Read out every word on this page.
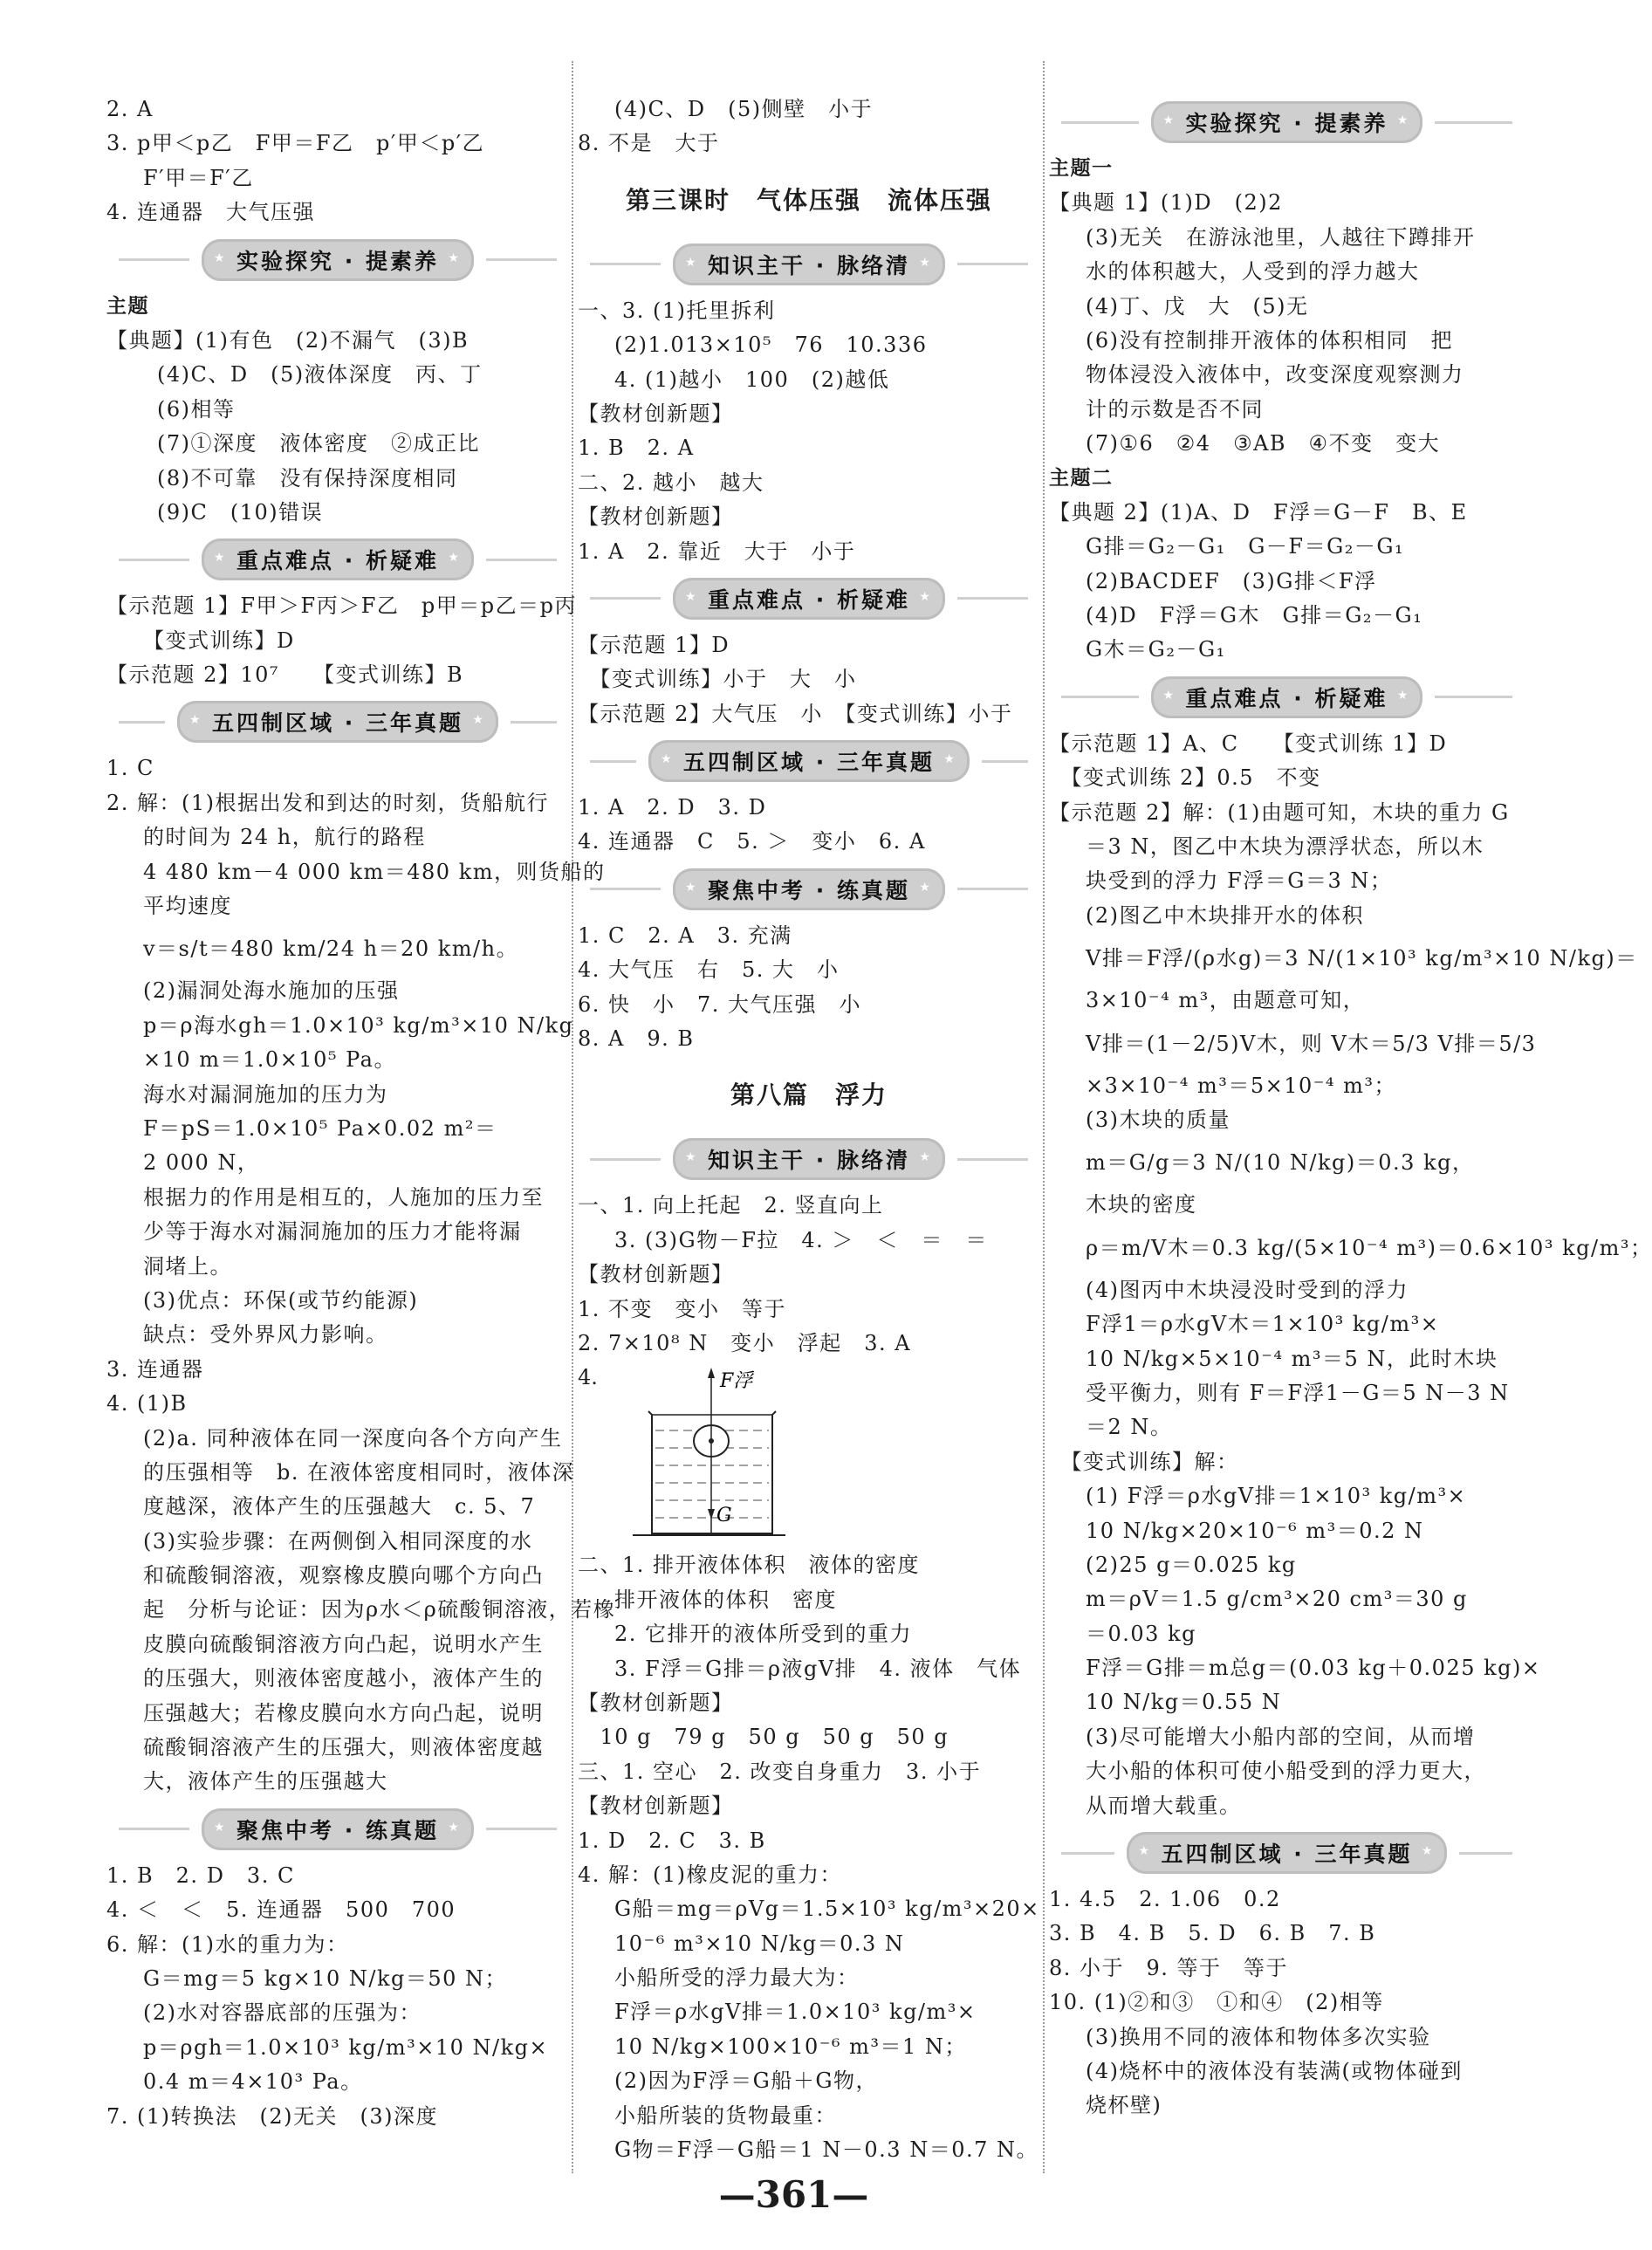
2. A
3. p甲＜p乙　F甲＝F乙　p′甲＜p′乙
F′甲＝F′乙
4. 连通器　大气压强
★ 实验探究 · 提素养 ★
主题
【典题】(1)有色　(2)不漏气　(3)B
(4)C、D　(5)液体深度　丙、丁
(6)相等
(7)①深度　液体密度　②成正比
(8)不可靠　没有保持深度相同
(9)C　(10)错误
★ 重点难点 · 析疑难 ★
【示范题 1】F甲＞F丙＞F乙　p甲＝p乙＝p丙
【变式训练】D
【示范题 2】10⁷　　【变式训练】B
★ 五四制区域 · 三年真题 ★
1. C
2. 解：(1)根据出发和到达的时刻，货船航行
的时间为 24 h，航行的路程
4 480 km－4 000 km＝480 km，则货船的
平均速度
v＝s/t＝480 km/24 h＝20 km/h。
(2)漏洞处海水施加的压强
p＝ρ海水gh＝1.0×10³ kg/m³×10 N/kg
×10 m＝1.0×10⁵ Pa。
海水对漏洞施加的压力为
F＝pS＝1.0×10⁵ Pa×0.02 m²＝
2 000 N，
根据力的作用是相互的，人施加的压力至
少等于海水对漏洞施加的压力才能将漏
洞堵上。
(3)优点：环保(或节约能源)
缺点：受外界风力影响。
3. 连通器
4. (1)B
(2)a. 同种液体在同一深度向各个方向产生
的压强相等　b. 在液体密度相同时，液体深
度越深，液体产生的压强越大　c. 5、7
(3)实验步骤：在两侧倒入相同深度的水
和硫酸铜溶液，观察橡皮膜向哪个方向凸
起　分析与论证：因为ρ水＜ρ硫酸铜溶液，若橡
皮膜向硫酸铜溶液方向凸起，说明水产生
的压强大，则液体密度越小，液体产生的
压强越大；若橡皮膜向水方向凸起，说明
硫酸铜溶液产生的压强大，则液体密度越
大，液体产生的压强越大
★ 聚焦中考 · 练真题 ★
1. B　2. D　3. C
4. ＜　＜　5. 连通器　500　700
6. 解：(1)水的重力为：
G＝mg＝5 kg×10 N/kg＝50 N；
(2)水对容器底部的压强为：
p＝ρgh＝1.0×10³ kg/m³×10 N/kg×
0.4 m＝4×10³ Pa。
7. (1)转换法　(2)无关　(3)深度
(4)C、D　(5)侧壁　小于
8. 不是　大于
第三课时　气体压强　流体压强
★ 知识主干 · 脉络清 ★
一、3. (1)托里拆利
(2)1.013×10⁵　76　10.336
4. (1)越小　100　(2)越低
【教材创新题】
1. B　2. A
二、2. 越小　越大
【教材创新题】
1. A　2. 靠近　大于　小于
★ 重点难点 · 析疑难 ★
【示范题 1】D
　【变式训练】小于　大　小
【示范题 2】大气压　小　【变式训练】小于
★ 五四制区域 · 三年真题 ★
1. A　2. D　3. D
4. 连通器　C　5. ＞　变小　6. A
★ 聚焦中考 · 练真题 ★
1. C　2. A　3. 充满
4. 大气压　右　5. 大　小
6. 快　小　7. 大气压强　小
8. A　9. B
第八篇　浮力
★ 知识主干 · 脉络清 ★
一、1. 向上托起　2. 竖直向上
3. (3)G物－F拉　4. ＞　＜　＝　＝
【教材创新题】
1. 不变　变小　等于
2. 7×10⁸ N　变小　浮起　3. A
4.	F浮
G
二、1. 排开液体体积　液体的密度
排开液体的体积　密度
2. 它排开的液体所受到的重力
3. F浮＝G排＝ρ液gV排　4. 液体　气体
【教材创新题】
　10 g　79 g　50 g　50 g　50 g
三、1. 空心　2. 改变自身重力　3. 小于
【教材创新题】
1. D　2. C　3. B
4. 解：(1)橡皮泥的重力：
G船＝mg＝ρVg＝1.5×10³ kg/m³×20×
10⁻⁶ m³×10 N/kg＝0.3 N
小船所受的浮力最大为：
F浮＝ρ水gV排＝1.0×10³ kg/m³×
10 N/kg×100×10⁻⁶ m³＝1 N；
(2)因为F浮＝G船＋G物，
小船所装的货物最重：
G物＝F浮－G船＝1 N－0.3 N＝0.7 N。
★ 实验探究 · 提素养 ★
主题一
【典题 1】(1)D　(2)2
(3)无关　在游泳池里，人越往下蹲排开
水的体积越大，人受到的浮力越大
(4)丁、戊　大　(5)无
(6)没有控制排开液体的体积相同　把
物体浸没入液体中，改变深度观察测力
计的示数是否不同
(7)①6　②4　③AB　④不变　变大
主题二
【典题 2】(1)A、D　F浮＝G－F　B、E
G排＝G₂－G₁　G－F＝G₂－G₁
(2)BACDEF　(3)G排＜F浮
(4)D　F浮＝G木　G排＝G₂－G₁
G木＝G₂－G₁
★ 重点难点 · 析疑难 ★
【示范题 1】A、C　　【变式训练 1】D
　【变式训练 2】0.5　不变
【示范题 2】解：(1)由题可知，木块的重力 G
＝3 N，图乙中木块为漂浮状态，所以木
块受到的浮力 F浮＝G＝3 N；
(2)图乙中木块排开水的体积
V排＝F浮/(ρ水g)＝3 N/(1×10³ kg/m³×10 N/kg)＝
3×10⁻⁴ m³，由题意可知，
V排＝(1－2/5)V木，则 V木＝5/3 V排＝5/3
×3×10⁻⁴ m³＝5×10⁻⁴ m³；
(3)木块的质量
m＝G/g＝3 N/(10 N/kg)＝0.3 kg，
木块的密度
ρ＝m/V木＝0.3 kg/(5×10⁻⁴ m³)＝0.6×10³ kg/m³；
(4)图丙中木块浸没时受到的浮力
F浮1＝ρ水gV木＝1×10³ kg/m³×
10 N/kg×5×10⁻⁴ m³＝5 N，此时木块
受平衡力，则有 F＝F浮1－G＝5 N－3 N
＝2 N。
　【变式训练】解：
(1) F浮＝ρ水gV排＝1×10³ kg/m³×
10 N/kg×20×10⁻⁶ m³＝0.2 N
(2)25 g＝0.025 kg
m＝ρV＝1.5 g/cm³×20 cm³＝30 g
＝0.03 kg
F浮＝G排＝m总g＝(0.03 kg＋0.025 kg)×
10 N/kg＝0.55 N
(3)尽可能增大小船内部的空间，从而增
大小船的体积可使小船受到的浮力更大，
从而增大载重。
★ 五四制区域 · 三年真题 ★
1. 4.5　2. 1.06　0.2
3. B　4. B　5. D　6. B　7. B
8. 小于　9. 等于　等于
10. (1)②和③　①和④　(2)相等
(3)换用不同的液体和物体多次实验
(4)烧杯中的液体没有装满(或物体碰到
烧杯壁)
—361—
